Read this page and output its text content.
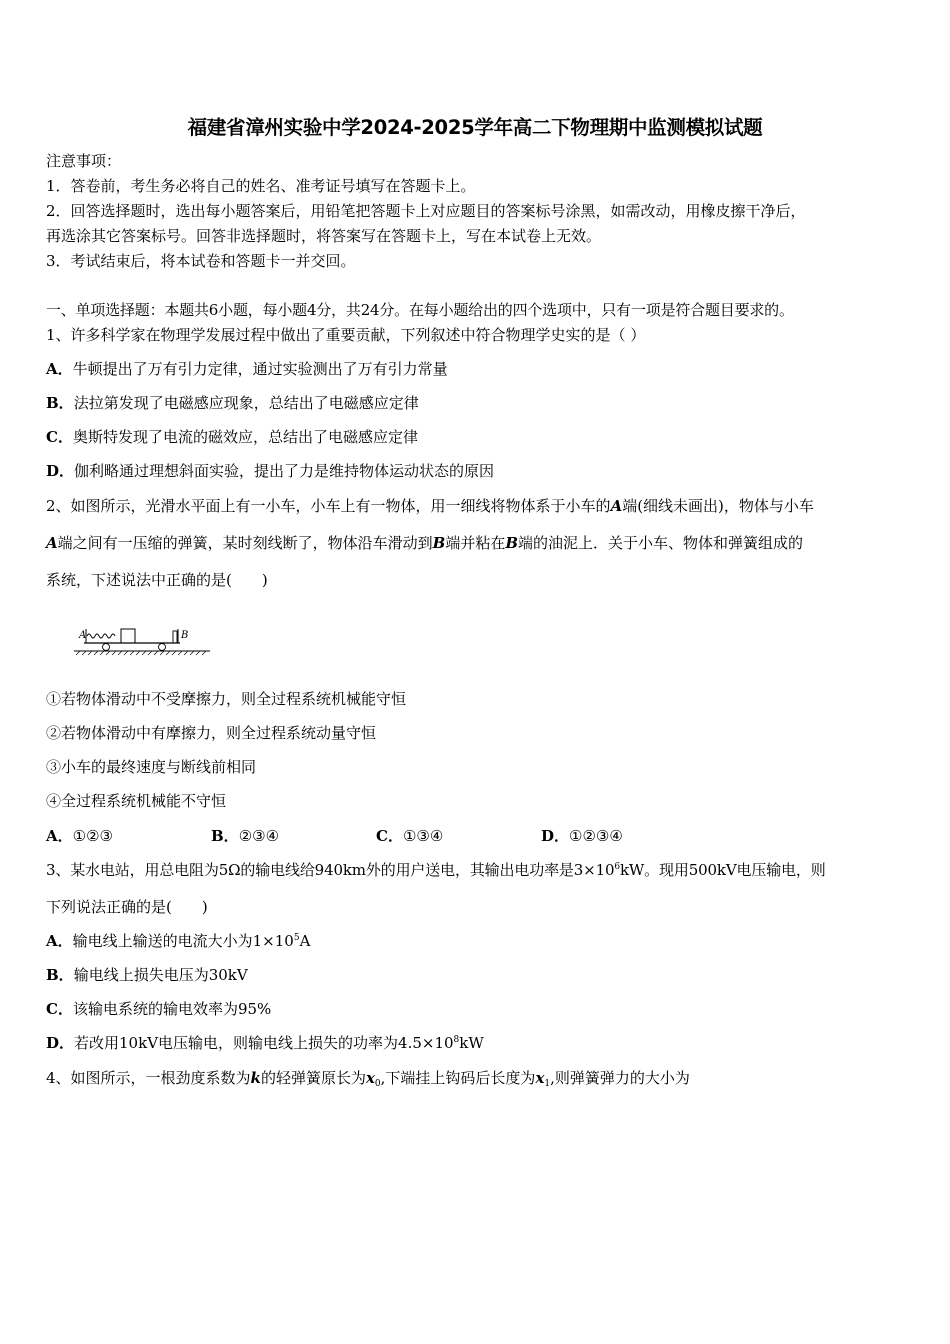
福建省漳州实验中学2024-2025学年高二下物理期中监测模拟试题
注意事项：
1．答卷前，考生务必将自己的姓名、准考证号填写在答题卡上。
2．回答选择题时，选出每小题答案后，用铅笔把答题卡上对应题目的答案标号涂黑，如需改动，用橡皮擦干净后，
再选涂其它答案标号。回答非选择题时，将答案写在答题卡上，写在本试卷上无效。
3．考试结束后，将本试卷和答题卡一并交回。
一、单项选择题：本题共6小题，每小题4分，共24分。在每小题给出的四个选项中，只有一项是符合题目要求的。
1、许多科学家在物理学发展过程中做出了重要贡献，下列叙述中符合物理学史实的是（ ）
A．牛顿提出了万有引力定律，通过实验测出了万有引力常量
B．法拉第发现了电磁感应现象，总结出了电磁感应定律
C．奥斯特发现了电流的磁效应，总结出了电磁感应定律
D．伽利略通过理想斜面实验，提出了力是维持物体运动状态的原因
2、如图所示，光滑水平面上有一小车，小车上有一物体，用一细线将物体系于小车的A端(细线未画出)，物体与小车
A端之间有一压缩的弹簧，某时刻线断了，物体沿车滑动到B端并粘在B端的油泥上．关于小车、物体和弹簧组成的
系统，下述说法中正确的是(　　)
A	B
①若物体滑动中不受摩擦力，则全过程系统机械能守恒
②若物体滑动中有摩擦力，则全过程系统动量守恒
③小车的最终速度与断线前相同
④全过程系统机械能不守恒
A．①②③	B．②③④	C．①③④	D．①②③④
3、某水电站，用总电阻为5Ω的输电线给940km外的用户送电，其输出电功率是$3\times 10^6kW$。现用500kV电压输电，则
下列说法正确的是(　　)
A．输电线上输送的电流大小为$1\times 10^5A$
B．输电线上损失电压为30kV
C．该输电系统的输电效率为95%
D．若改用10kV电压输电，则输电线上损失的功率为$4.5\times 10^8kW$
4、如图所示，一根劲度系数为k的轻弹簧原长为$x_0$,下端挂上钩码后长度为$x_1$,则弹簧弹力的大小为
